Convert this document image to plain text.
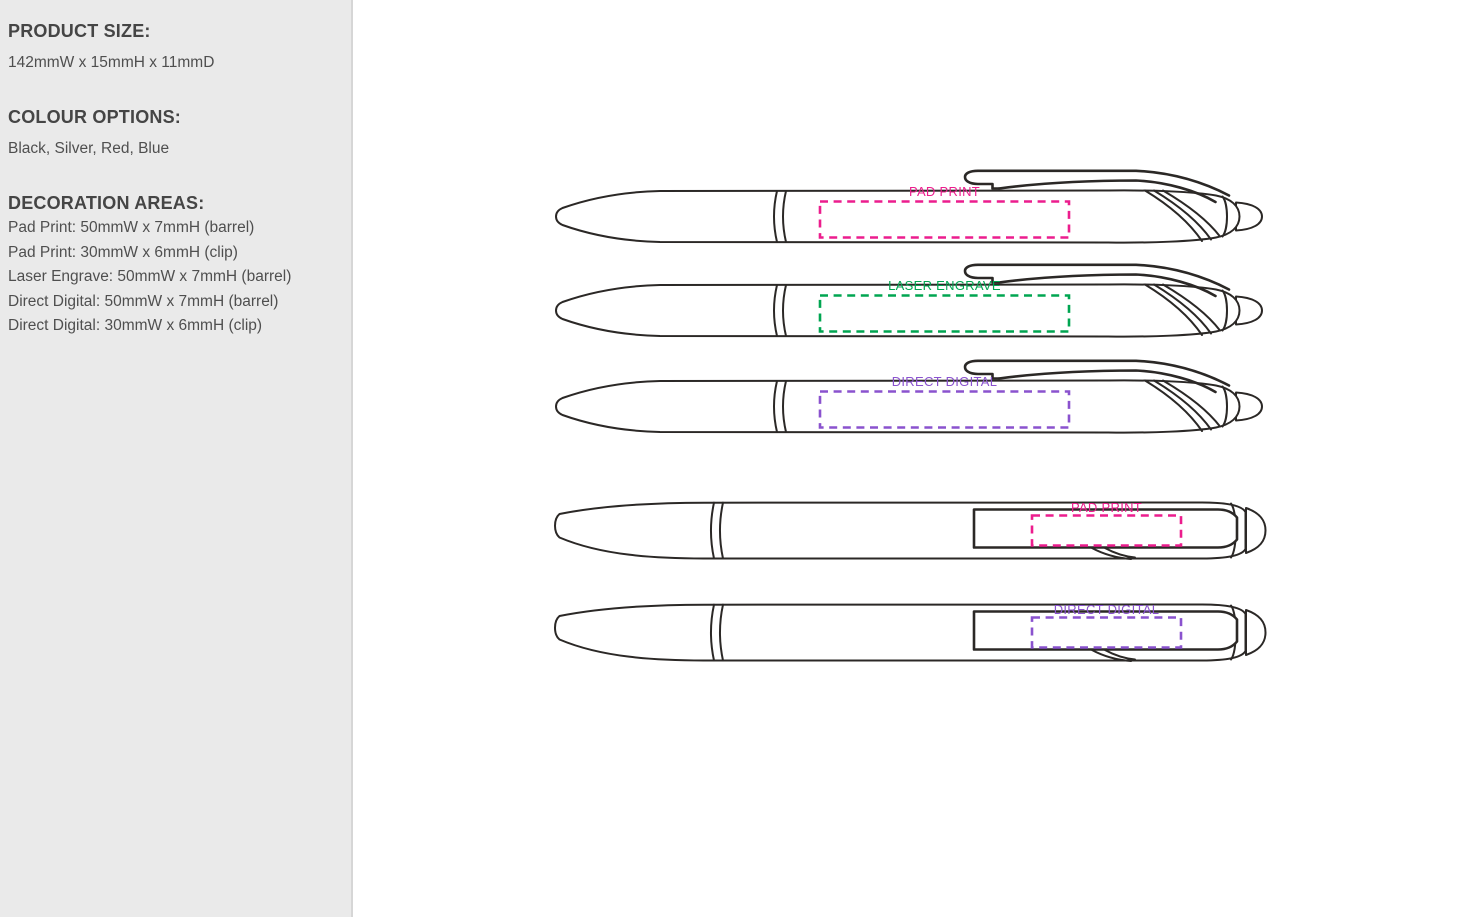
PRODUCT SIZE:

142mmW x 15mmH x 11mmD

COLOUR OPTIONS:

Black, Silver, Red, Blue

DECORATION AREAS:
Pad Print: 50mmW x 7mmH (barrel)
Pad Print: 30mmW x 6mmH (clip)
Laser Engrave: 50mmW x 7mmH (barrel)
Direct Digital: 50mmW x 7mmH (barrel)
Direct Digital: 30mmW x 6mmH (clip)
PAD PRINT
LASER ENGRAVE
DIRECT DIGITAL
PAD PRINT
DIRECT DIGITAL
